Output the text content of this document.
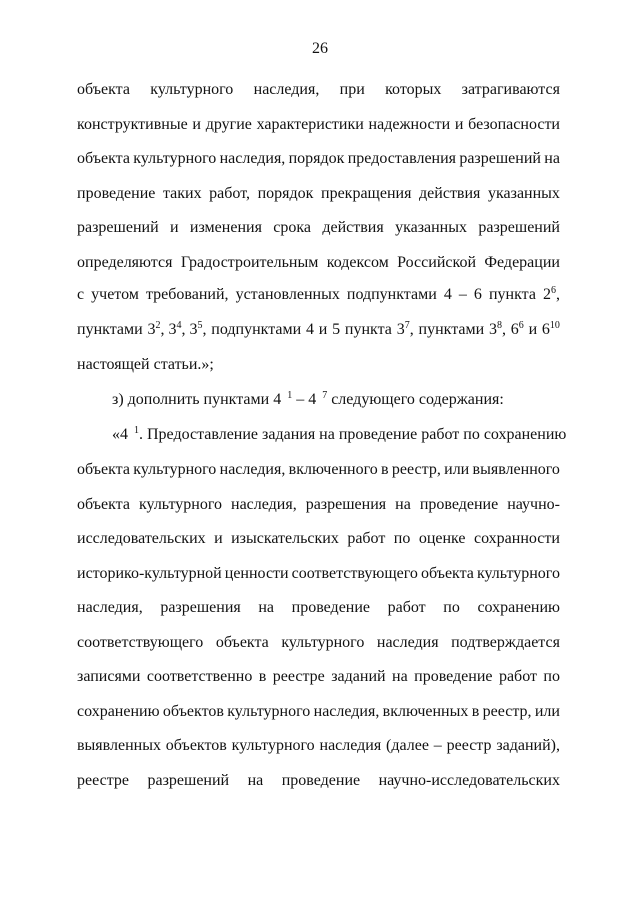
26
объекта культурного наследия, при которых затрагиваются
конструктивные и другие характеристики надежности и безопасности
объекта культурного наследия, порядок предоставления разрешений на
проведение таких работ, порядок прекращения действия указанных
разрешений и изменения срока действия указанных разрешений
определяются Градостроительным кодексом Российской Федерации
с учетом требований, установленных подпунктами 4 – 6 пункта $2^6$,
пунктами $3^2$, $3^4$, $3^5$, подпунктами 4 и 5 пункта $3^7$, пунктами $3^8$, $6^6$ и $6^{10}$
настоящей статьи.»;
з) дополнить пунктами 4 $^1$ – 4 $^7$ следующего содержания:
«4 $^1$. Предоставление задания на проведение работ по сохранению
объекта культурного наследия, включенного в реестр, или выявленного
объекта культурного наследия, разрешения на проведение научно-
исследовательских и изыскательских работ по оценке сохранности
историко-культурной ценности соответствующего объекта культурного
наследия, разрешения на проведение работ по сохранению
соответствующего объекта культурного наследия подтверждается
записями соответственно в реестре заданий на проведение работ по
сохранению объектов культурного наследия, включенных в реестр, или
выявленных объектов культурного наследия (далее – реестр заданий),
реестре разрешений на проведение научно-исследовательских
